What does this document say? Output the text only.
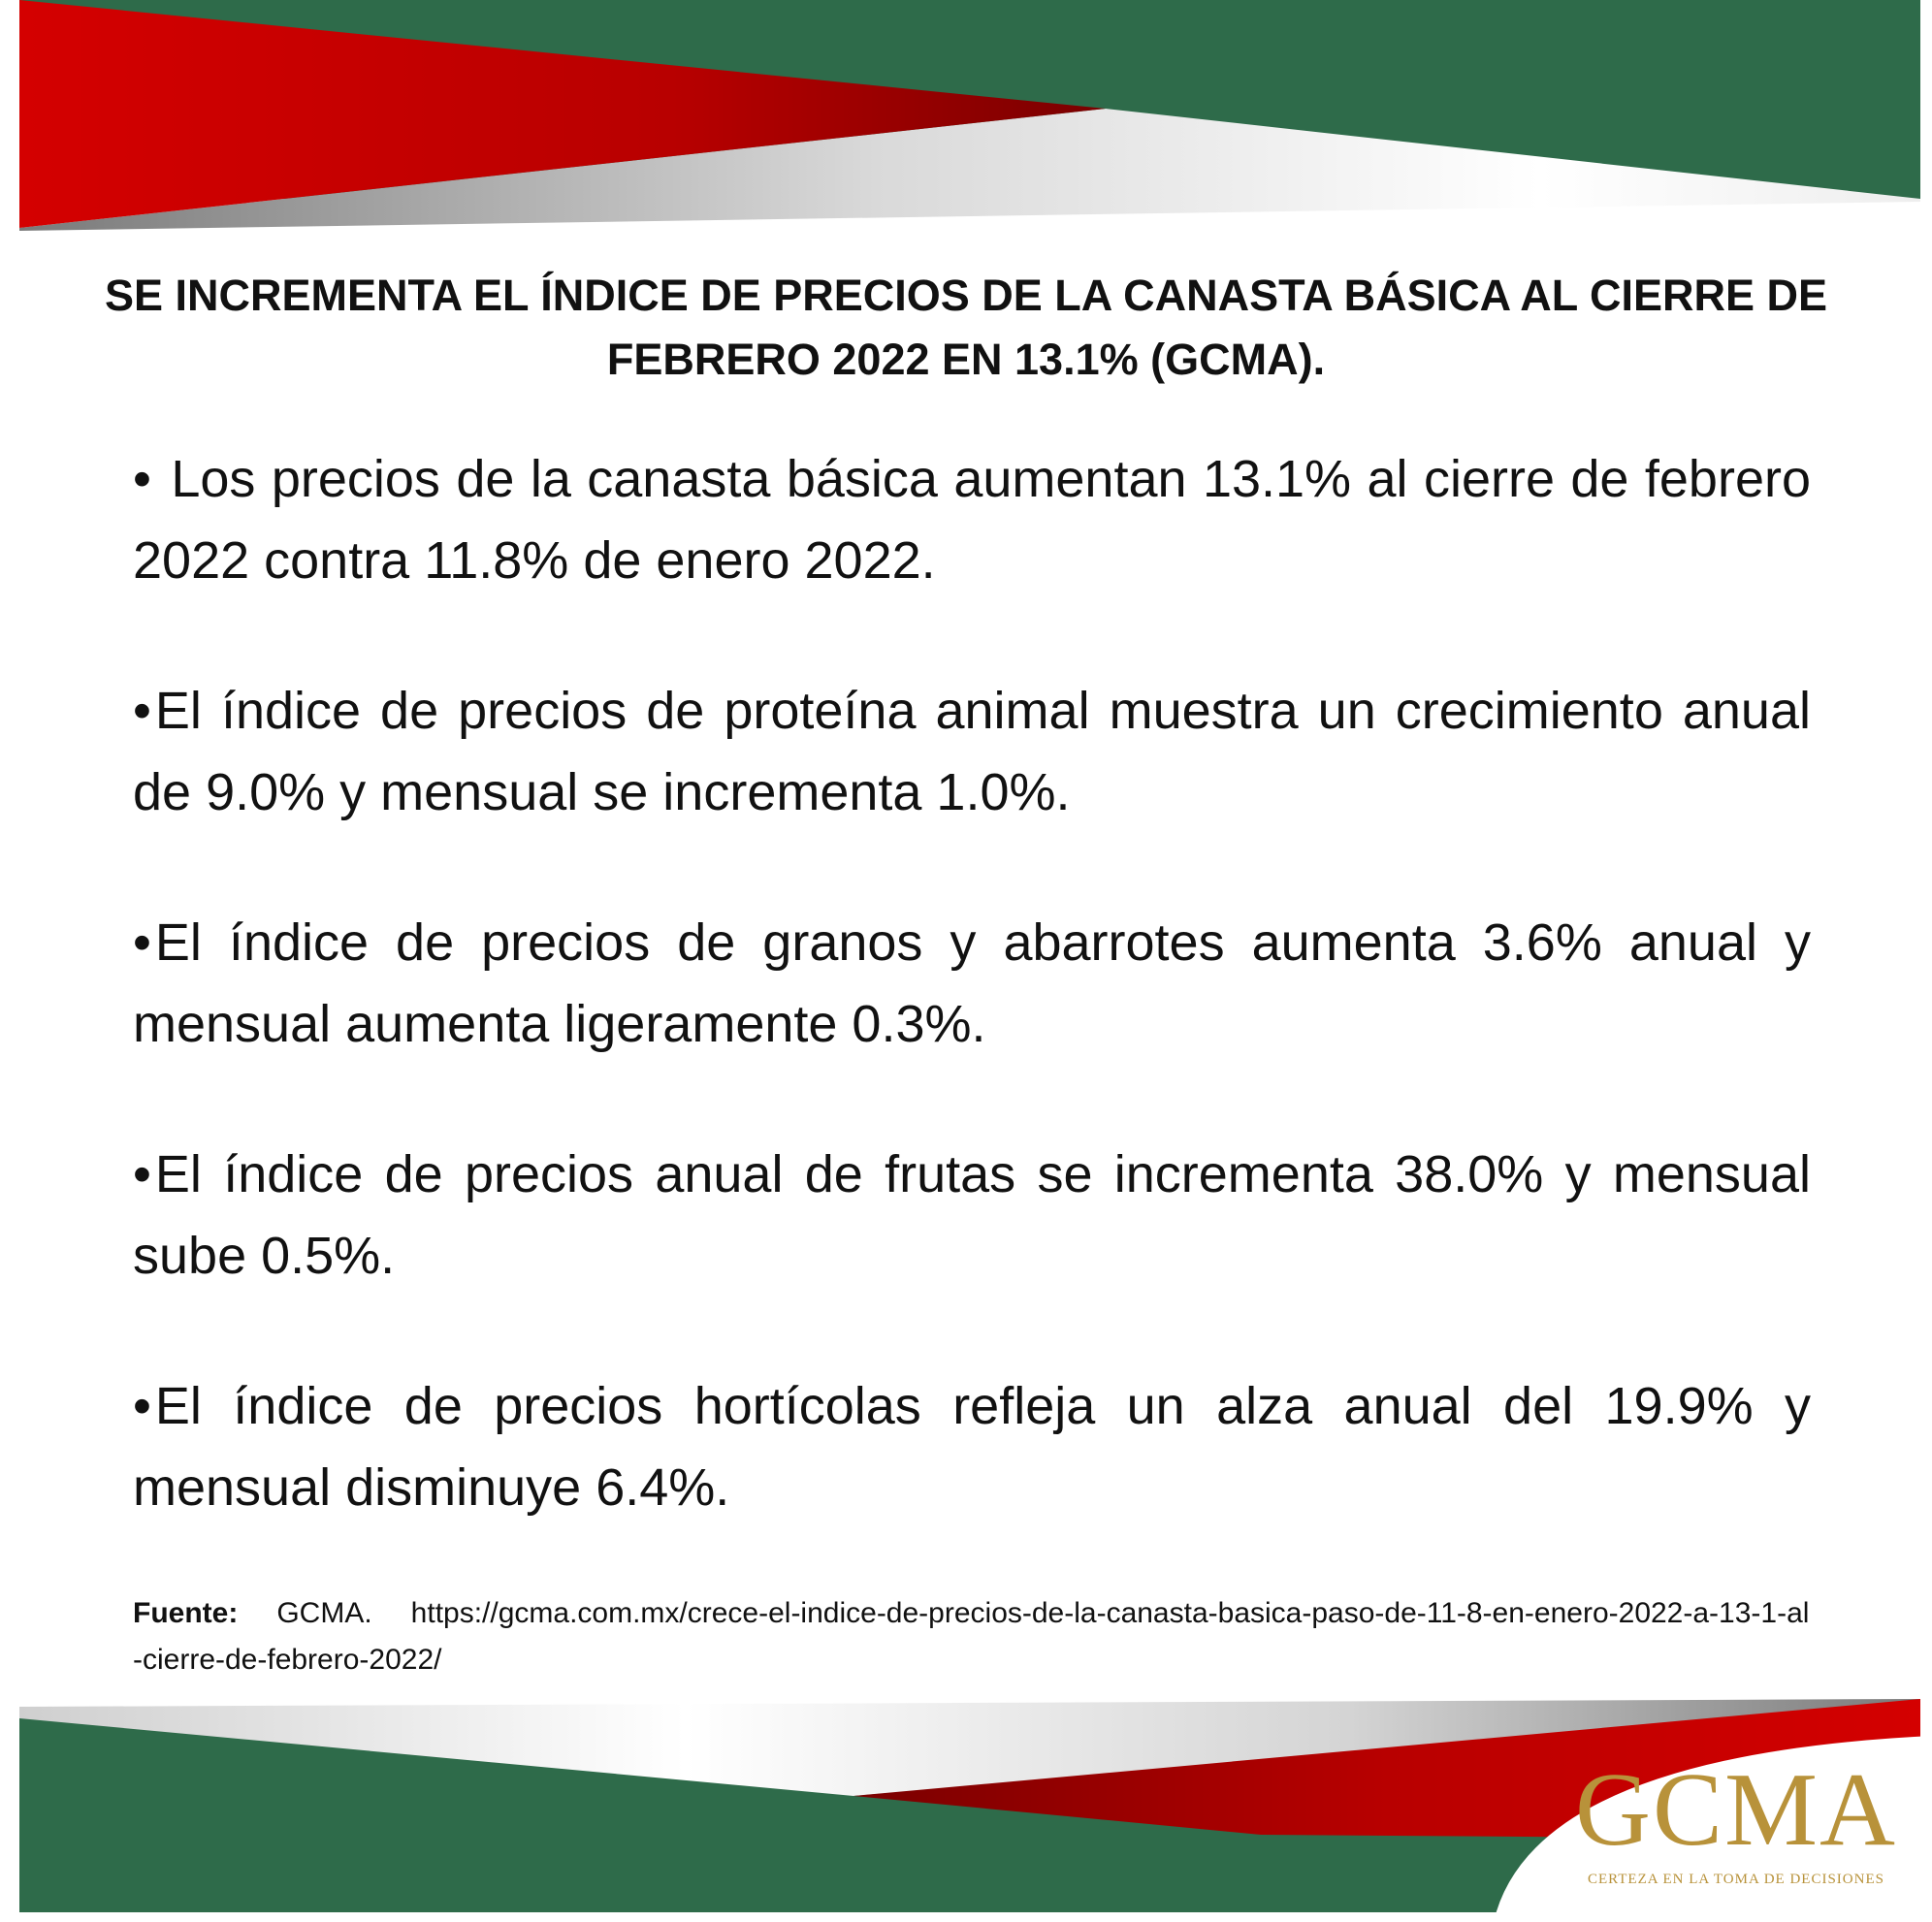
SE INCREMENTA EL ÍNDICE DE PRECIOS DE LA CANASTA BÁSICA AL CIERRE DE FEBRERO 2022 EN 13.1% (GCMA).

• Los precios de la canasta básica aumentan 13.1% al cierre de febrero 2022 contra 11.8% de enero 2022.

•El índice de precios de proteína animal muestra un crecimiento anual de 9.0% y mensual se incrementa 1.0%.

•El índice de precios de granos y abarrotes aumenta 3.6% anual y mensual aumenta ligeramente 0.3%.

•El índice de precios anual de frutas se incrementa 38.0% y mensual sube 0.5%.

•El índice de precios hortícolas refleja un alza anual del 19.9% y mensual disminuye 6.4%.

Fuente: GCMA. https://gcma.com.mx/crece-el-indice-de-precios-de-la-canasta-basica-paso-de-11-8-en-enero-2022-a-13-1-al-cierre-de-febrero-2022/
GCMA
CERTEZA EN LA TOMA DE DECISIONES
